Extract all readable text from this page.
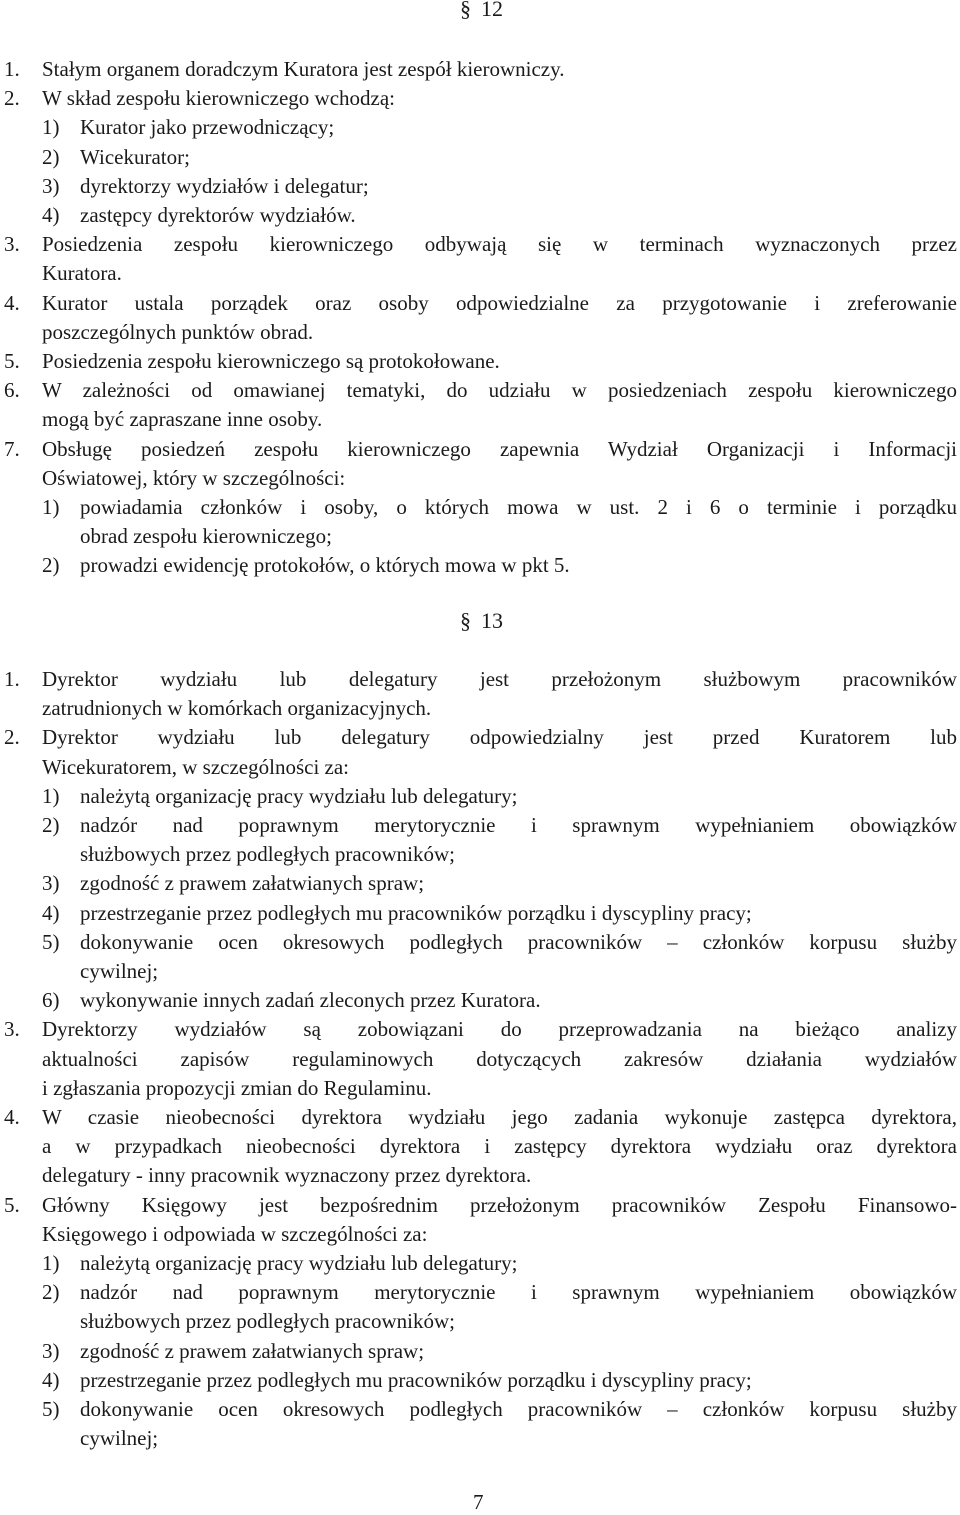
§ 12
1. Stałym organem doradczym Kuratora jest zespół kierowniczy.
2. W skład zespołu kierowniczego wchodzą:
1) Kurator jako przewodniczący;
2) Wicekurator;
3) dyrektorzy wydziałów i delegatur;
4) zastępcy dyrektorów wydziałów.
3. Posiedzenia zespołu kierowniczego odbywają się w terminach wyznaczonych przez
Kuratora.
4. Kurator ustala porządek oraz osoby odpowiedzialne za przygotowanie i zreferowanie
poszczególnych punktów obrad.
5. Posiedzenia zespołu kierowniczego są protokołowane.
6. W zależności od omawianej tematyki, do udziału w posiedzeniach zespołu kierowniczego
mogą być zapraszane inne osoby.
7. Obsługę posiedzeń zespołu kierowniczego zapewnia Wydział Organizacji i Informacji
Oświatowej, który w szczególności:
1) powiadamia członków i osoby, o których mowa w ust. 2 i 6 o terminie i porządku
obrad zespołu kierowniczego;
2) prowadzi ewidencję protokołów, o których mowa w pkt 5.
§ 13
1. Dyrektor wydziału lub delegatury jest przełożonym służbowym pracowników
zatrudnionych w komórkach organizacyjnych.
2. Dyrektor wydziału lub delegatury odpowiedzialny jest przed Kuratorem lub
Wicekuratorem, w szczególności za:
1) należytą organizację pracy wydziału lub delegatury;
2) nadzór nad poprawnym merytorycznie i sprawnym wypełnianiem obowiązków
służbowych przez podległych pracowników;
3) zgodność z prawem załatwianych spraw;
4) przestrzeganie przez podległych mu pracowników porządku i dyscypliny pracy;
5) dokonywanie ocen okresowych podległych pracowników – członków korpusu służby
cywilnej;
6) wykonywanie innych zadań zleconych przez Kuratora.
3. Dyrektorzy wydziałów są zobowiązani do przeprowadzania na bieżąco analizy
aktualności zapisów regulaminowych dotyczących zakresów działania wydziałów
i zgłaszania propozycji zmian do Regulaminu.
4. W czasie nieobecności dyrektora wydziału jego zadania wykonuje zastępca dyrektora,
a w przypadkach nieobecności dyrektora i zastępcy dyrektora wydziału oraz dyrektora
delegatury - inny pracownik wyznaczony przez dyrektora.
5. Główny Księgowy jest bezpośrednim przełożonym pracowników Zespołu Finansowo-
Księgowego i odpowiada w szczególności za:
1) należytą organizację pracy wydziału lub delegatury;
2) nadzór nad poprawnym merytorycznie i sprawnym wypełnianiem obowiązków
służbowych przez podległych pracowników;
3) zgodność z prawem załatwianych spraw;
4) przestrzeganie przez podległych mu pracowników porządku i dyscypliny pracy;
5) dokonywanie ocen okresowych podległych pracowników – członków korpusu służby
cywilnej;
7
